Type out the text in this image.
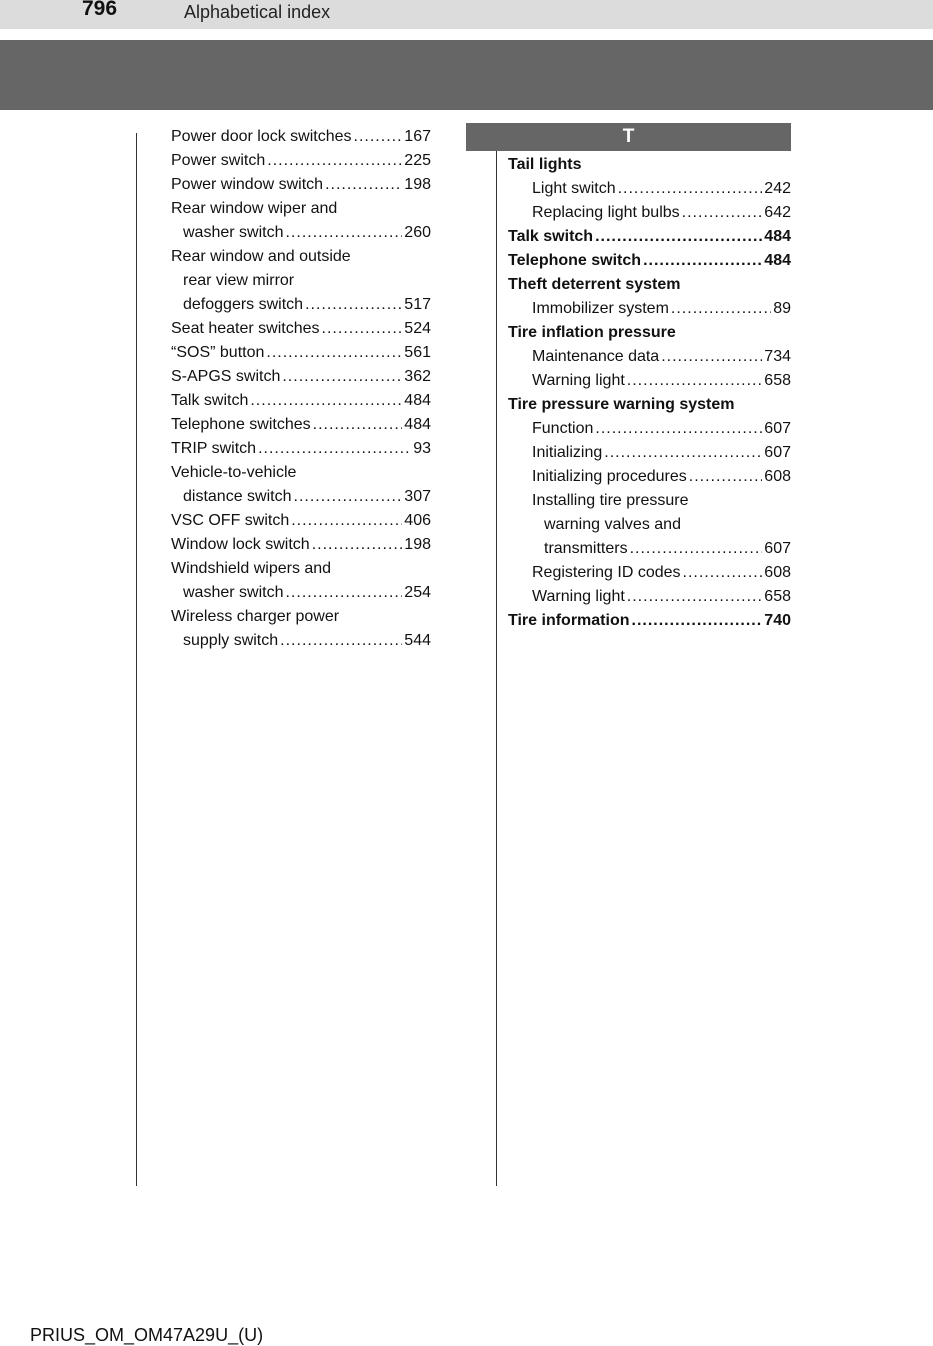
796	Alphabetical index
Power door lock switches .....	167
Power switch .....	225
Power window switch .....	198
Rear window wiper and
washer switch .....	260
Rear window and outside
rear view mirror
defoggers switch .....	517
Seat heater switches .....	524
“SOS” button .....	561
S-APGS switch .....	362
Talk switch .....	484
Telephone switches .....	484
TRIP switch .....	93
Vehicle-to-vehicle
distance switch .....	307
VSC OFF switch .....	406
Window lock switch .....	198
Windshield wipers and
washer switch .....	254
Wireless charger power
supply switch .....	544
T
Tail lights
Light switch .....	242
Replacing light bulbs .....	642
Talk switch .....	484
Telephone switch .....	484
Theft deterrent system
Immobilizer system .....	89
Tire inflation pressure
Maintenance data .....	734
Warning light .....	658
Tire pressure warning system
Function .....	607
Initializing .....	607
Initializing procedures .....	608
Installing tire pressure
warning valves and
transmitters .....	607
Registering ID codes .....	608
Warning light .....	658
Tire information .....	740
PRIUS_OM_OM47A29U_(U)
